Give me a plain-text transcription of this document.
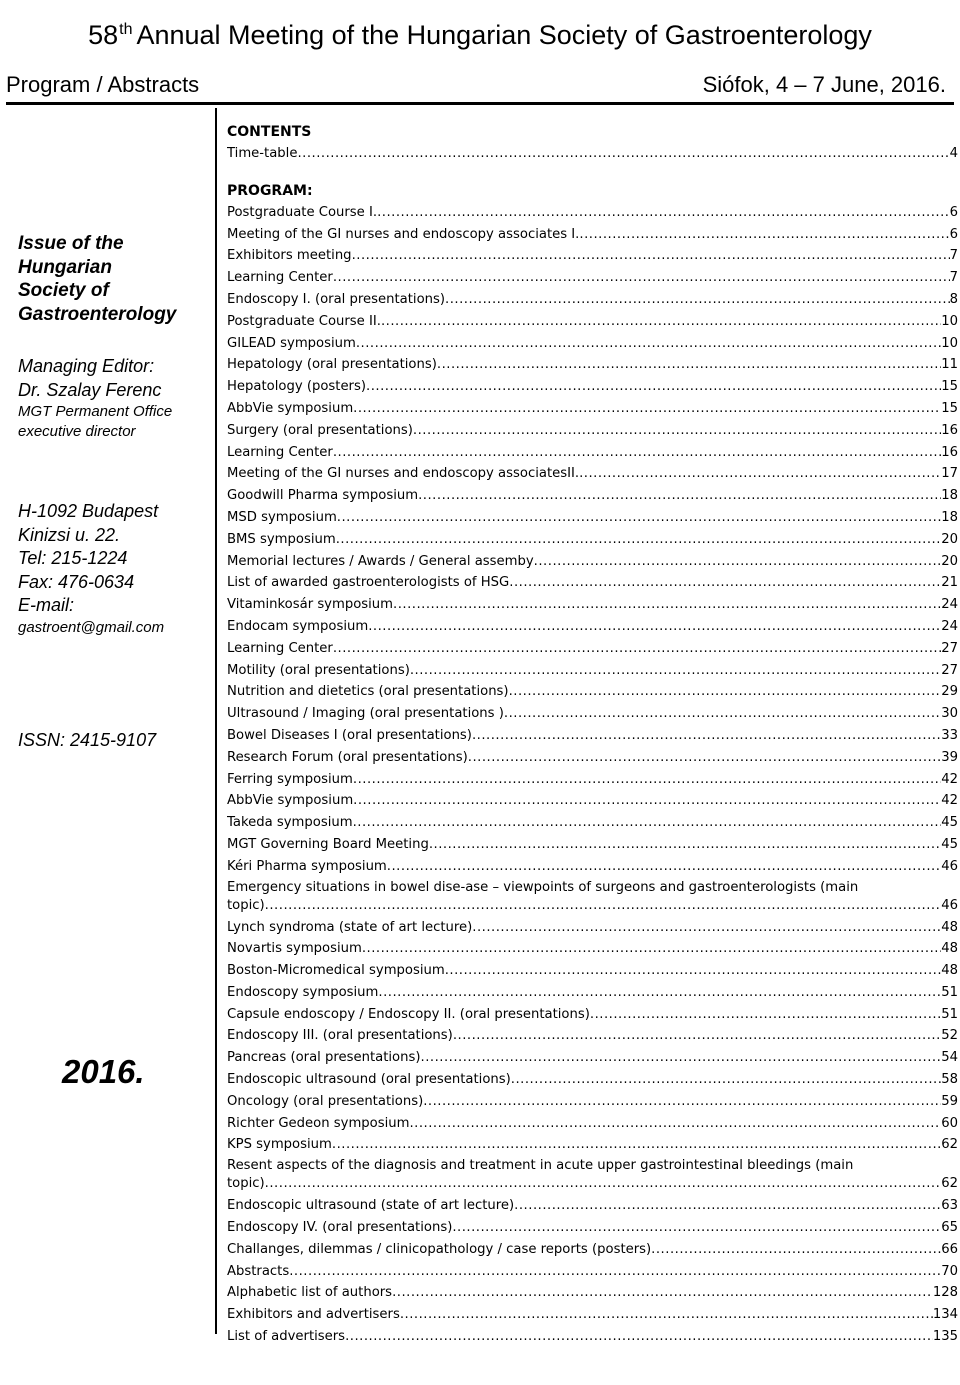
58th Annual Meeting of the Hungarian Society of Gastroenterology
Program / Abstracts	Siófok, 4 – 7 June, 2016.
Issue of the
Hungarian
Society of
Gastroenterology
Managing Editor:
Dr. Szalay Ferenc
MGT Permanent Office
executive director
H-1092 Budapest
Kinizsi u. 22.
Tel: 215-1224
Fax: 476-0634
E-mail:
gastroent@gmail.com
ISSN: 2415-9107
2016.
CONTENTS
Time-table .....	4
PROGRAM:
Postgraduate Course I. .....	6
Meeting of the GI nurses and endoscopy associates I. .....	6
Exhibitors meeting .....	7
Learning Center .....	7
Endoscopy I. (oral presentations) .....	8
Postgraduate Course II. .....	10
GILEAD symposium .....	10
Hepatology (oral presentations) .....	11
Hepatology (posters) .....	15
AbbVie symposium .....	15
Surgery (oral presentations) .....	16
Learning Center .....	16
Meeting of the GI nurses and endoscopy associatesII. .....	17
Goodwill Pharma symposium .....	18
MSD symposium .....	18
BMS symposium .....	20
Memorial lectures / Awards / General assemby .....	20
List of awarded gastroenterologists of HSG .....	21
Vitaminkosár symposium .....	24
Endocam symposium .....	24
Learning Center .....	27
Motility (oral presentations) .....	27
Nutrition and dietetics (oral presentations) .....	29
Ultrasound / Imaging (oral presentations ) .....	30
Bowel Diseases I (oral presentations) .....	33
Research Forum (oral presentations) .....	39
Ferring symposium .....	42
AbbVie symposium .....	42
Takeda symposium .....	45
MGT Governing Board Meeting .....	45
Kéri Pharma symposium .....	46
Emergency situations in bowel dise-ase – viewpoints of surgeons and gastroenterologists (main
topic) .....	46
Lynch syndroma (state of art lecture) .....	48
Novartis symposium .....	48
Boston-Micromedical symposium .....	48
Endoscopy symposium .....	51
Capsule endoscopy / Endoscopy II. (oral presentations) .....	51
Endoscopy III. (oral presentations) .....	52
Pancreas (oral presentations) .....	54
Endoscopic ultrasound (oral presentations) .....	58
Oncology (oral presentations) .....	59
Richter Gedeon symposium .....	60
KPS symposium .....	62
Resent aspects of the diagnosis and treatment in acute upper gastrointestinal bleedings (main
topic) .....	62
Endoscopic ultrasound (state of art lecture) .....	63
Endoscopy IV. (oral presentations) .....	65
Challanges, dilemmas / clinicopathology / case reports (posters) .....	66
Abstracts .....	70
Alphabetic list of authors .....	128
Exhibitors and advertisers .....	134
List of advertisers .....	135
